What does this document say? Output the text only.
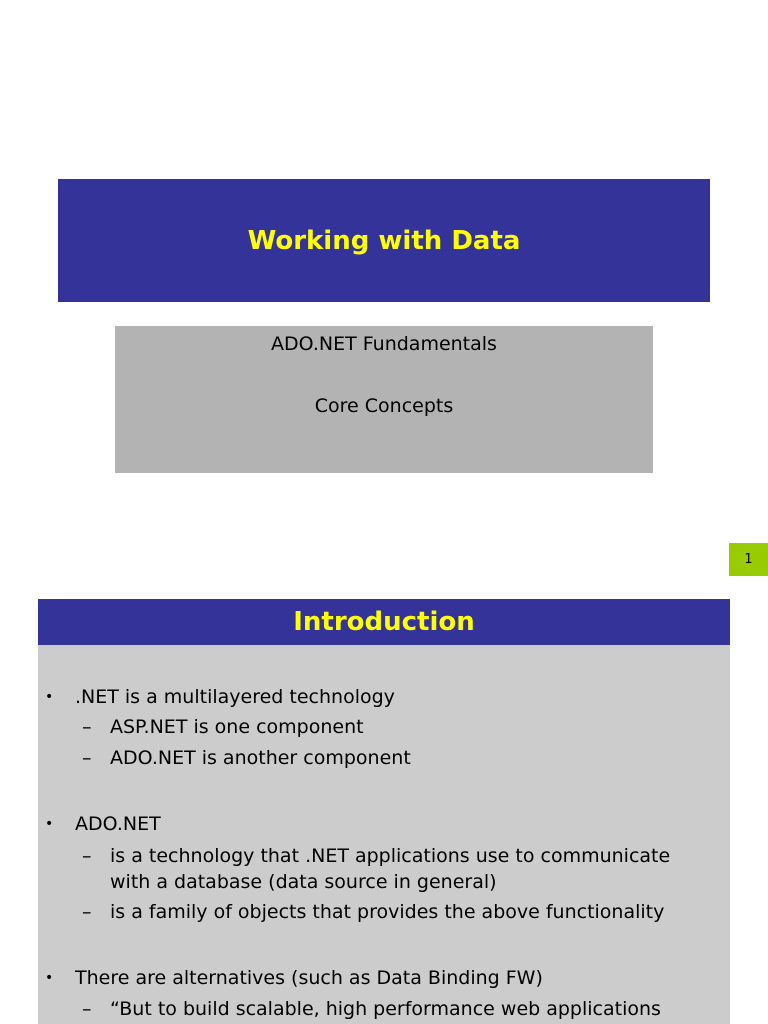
Working with Data
ADO.NET Fundamentals
Core Concepts
1
Introduction
• .NET is a multilayered technology
– ASP.NET is one component
– ADO.NET is another component
• ADO.NET
– is a technology that .NET applications use to communicate
with a database (data source in general)
– is a family of objects that provides the above functionality
• There are alternatives (such as Data Binding FW)
– “But to build scalable, high performance web applications
